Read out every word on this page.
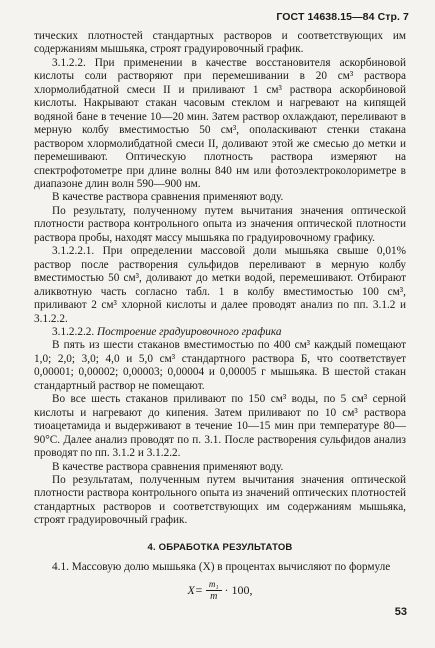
ГОСТ 14638.15—84 Стр. 7

тических плотностей стандартных растворов и соответствующих им содержаниям мышьяка, строят градуировочный график.

3.1.2.2. При применении в качестве восстановителя аскорбиновой кислоты соли растворяют при перемешивании в 20 см³ раствора хлормолибдатной смеси II и приливают 1 см³ раствора аскорбиновой кислоты. Накрывают стакан часовым стеклом и нагревают на кипящей водяной бане в течение 10—20 мин. Затем раствор охлаждают, переливают в мерную колбу вместимостью 50 см³, ополаскивают стенки стакана раствором хлормолибдатной смеси II, доливают этой же смесью до метки и перемешивают. Оптическую плотность раствора измеряют на спектрофотометре при длине волны 840 нм или фотоэлектроколориметре в диапазоне длин волн 590—900 нм.

В качестве раствора сравнения применяют воду.

По результату, полученному путем вычитания значения оптической плотности раствора контрольного опыта из значения оптической плотности раствора пробы, находят массу мышьяка по градуировочному графику.

3.1.2.2.1. При определении массовой доли мышьяка свыше 0,01% раствор после растворения сульфидов переливают в мерную колбу вместимостью 50 см³, доливают до метки водой, перемешивают. Отбирают аликвотную часть согласно табл. 1 в колбу вместимостью 100 см³, приливают 2 см³ хлорной кислоты и далее проводят анализ по пп. 3.1.2 и 3.1.2.2.

3.1.2.2.2. Построение градуировочного графика

В пять из шести стаканов вместимостью по 400 см³ каждый помещают 1,0; 2,0; 3,0; 4,0 и 5,0 см³ стандартного раствора Б, что соответствует 0,00001; 0,00002; 0,00003; 0,00004 и 0,00005 г мышьяка. В шестой стакан стандартный раствор не помещают.

Во все шесть стаканов приливают по 150 см³ воды, по 5 см³ серной кислоты и нагревают до кипения. Затем приливают по 10 см³ раствора тиоацетамида и выдерживают в течение 10—15 мин при температуре 80—90°С. Далее анализ проводят по п. 3.1. После растворения сульфидов анализ проводят по пп. 3.1.2 и 3.1.2.2.

В качестве раствора сравнения применяют воду.

По результатам, полученным путем вычитания значения оптической плотности раствора контрольного опыта из значений оптических плотностей стандартных растворов и соответствующих им содержаниям мышьяка, строят градуировочный график.

4. ОБРАБОТКА РЕЗУЛЬТАТОВ

4.1. Массовую долю мышьяка (X) в процентах вычисляют по формуле

$X= \frac{\text{m₁}}{m} \cdot 100$,
53
